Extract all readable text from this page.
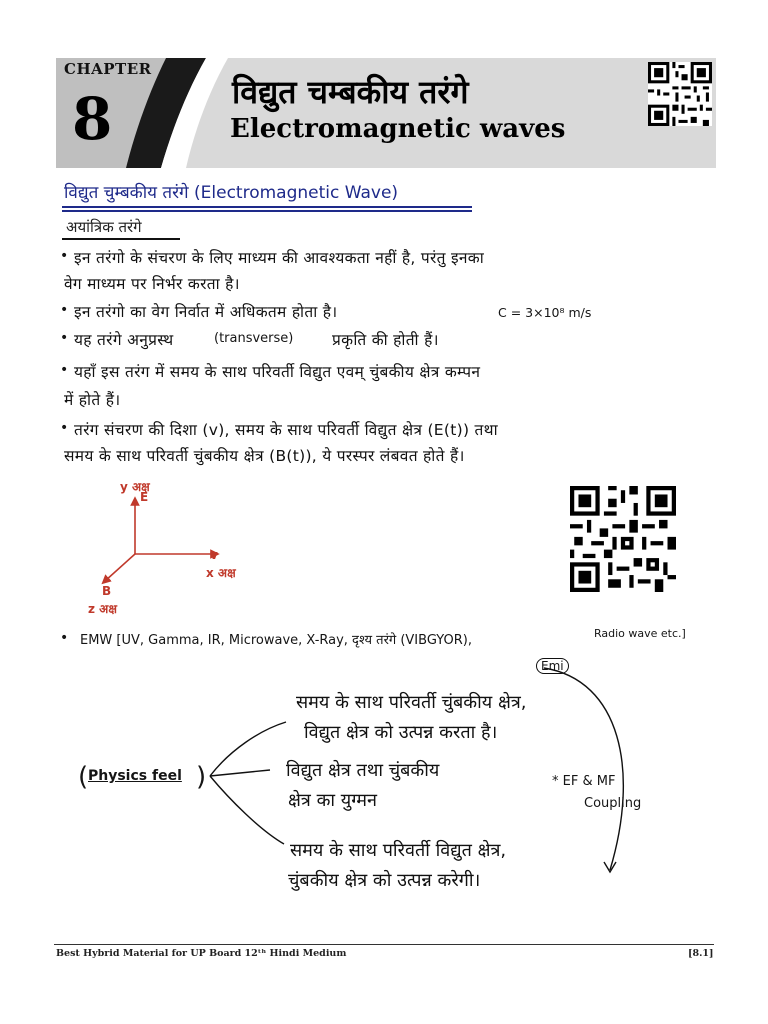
CHAPTER
8	विद्युत चम्बकीय तरंगे
Electromagnetic waves
विद्युत चुम्बकीय तरंगे (Electromagnetic Wave)
अयांत्रिक तरंगे
• इन तरंगो के संचरण के लिए माध्यम की आवश्यकता नहीं है, परंतु इनका
वेग माध्यम पर निर्भर करता है।
• इन तरंगो का वेग निर्वात में अधिकतम होता है।	C = 3×10⁸ m/s
• यह तरंगे अनुप्रस्थ	(transverse) प्रकृति की होती हैं।
• यहाँ इस तरंग में समय के साथ परिवर्ती विद्युत एवम् चुंबकीय क्षेत्र कम्पन
में होते हैं।
• तरंग संचरण की दिशा (v), समय के साथ परिवर्ती विद्युत क्षेत्र (E(t)) तथा
समय के साथ परिवर्ती चुंबकीय क्षेत्र (B(t)), ये परस्पर लंबवत होते हैं।
y अक्ष
E
v
x अक्ष
B
z अक्ष
• EMW [UV, Gamma, IR, Microwave, X-Ray, दृश्य तरंगे (VIBGYOR),	Radio wave etc.]
Emi
Physics feel
(	)
समय के साथ परिवर्ती चुंबकीय क्षेत्र,
विद्युत क्षेत्र को उत्पन्न करता है।
विद्युत क्षेत्र तथा चुंबकीय
क्षेत्र का युग्मन
* EF & MF
Coupling
समय के साथ परिवर्ती विद्युत क्षेत्र,
चुंबकीय क्षेत्र को उत्पन्न करेगी।
Best Hybrid Material for UP Board 12ᵗʰ Hindi Medium	[8.1]
